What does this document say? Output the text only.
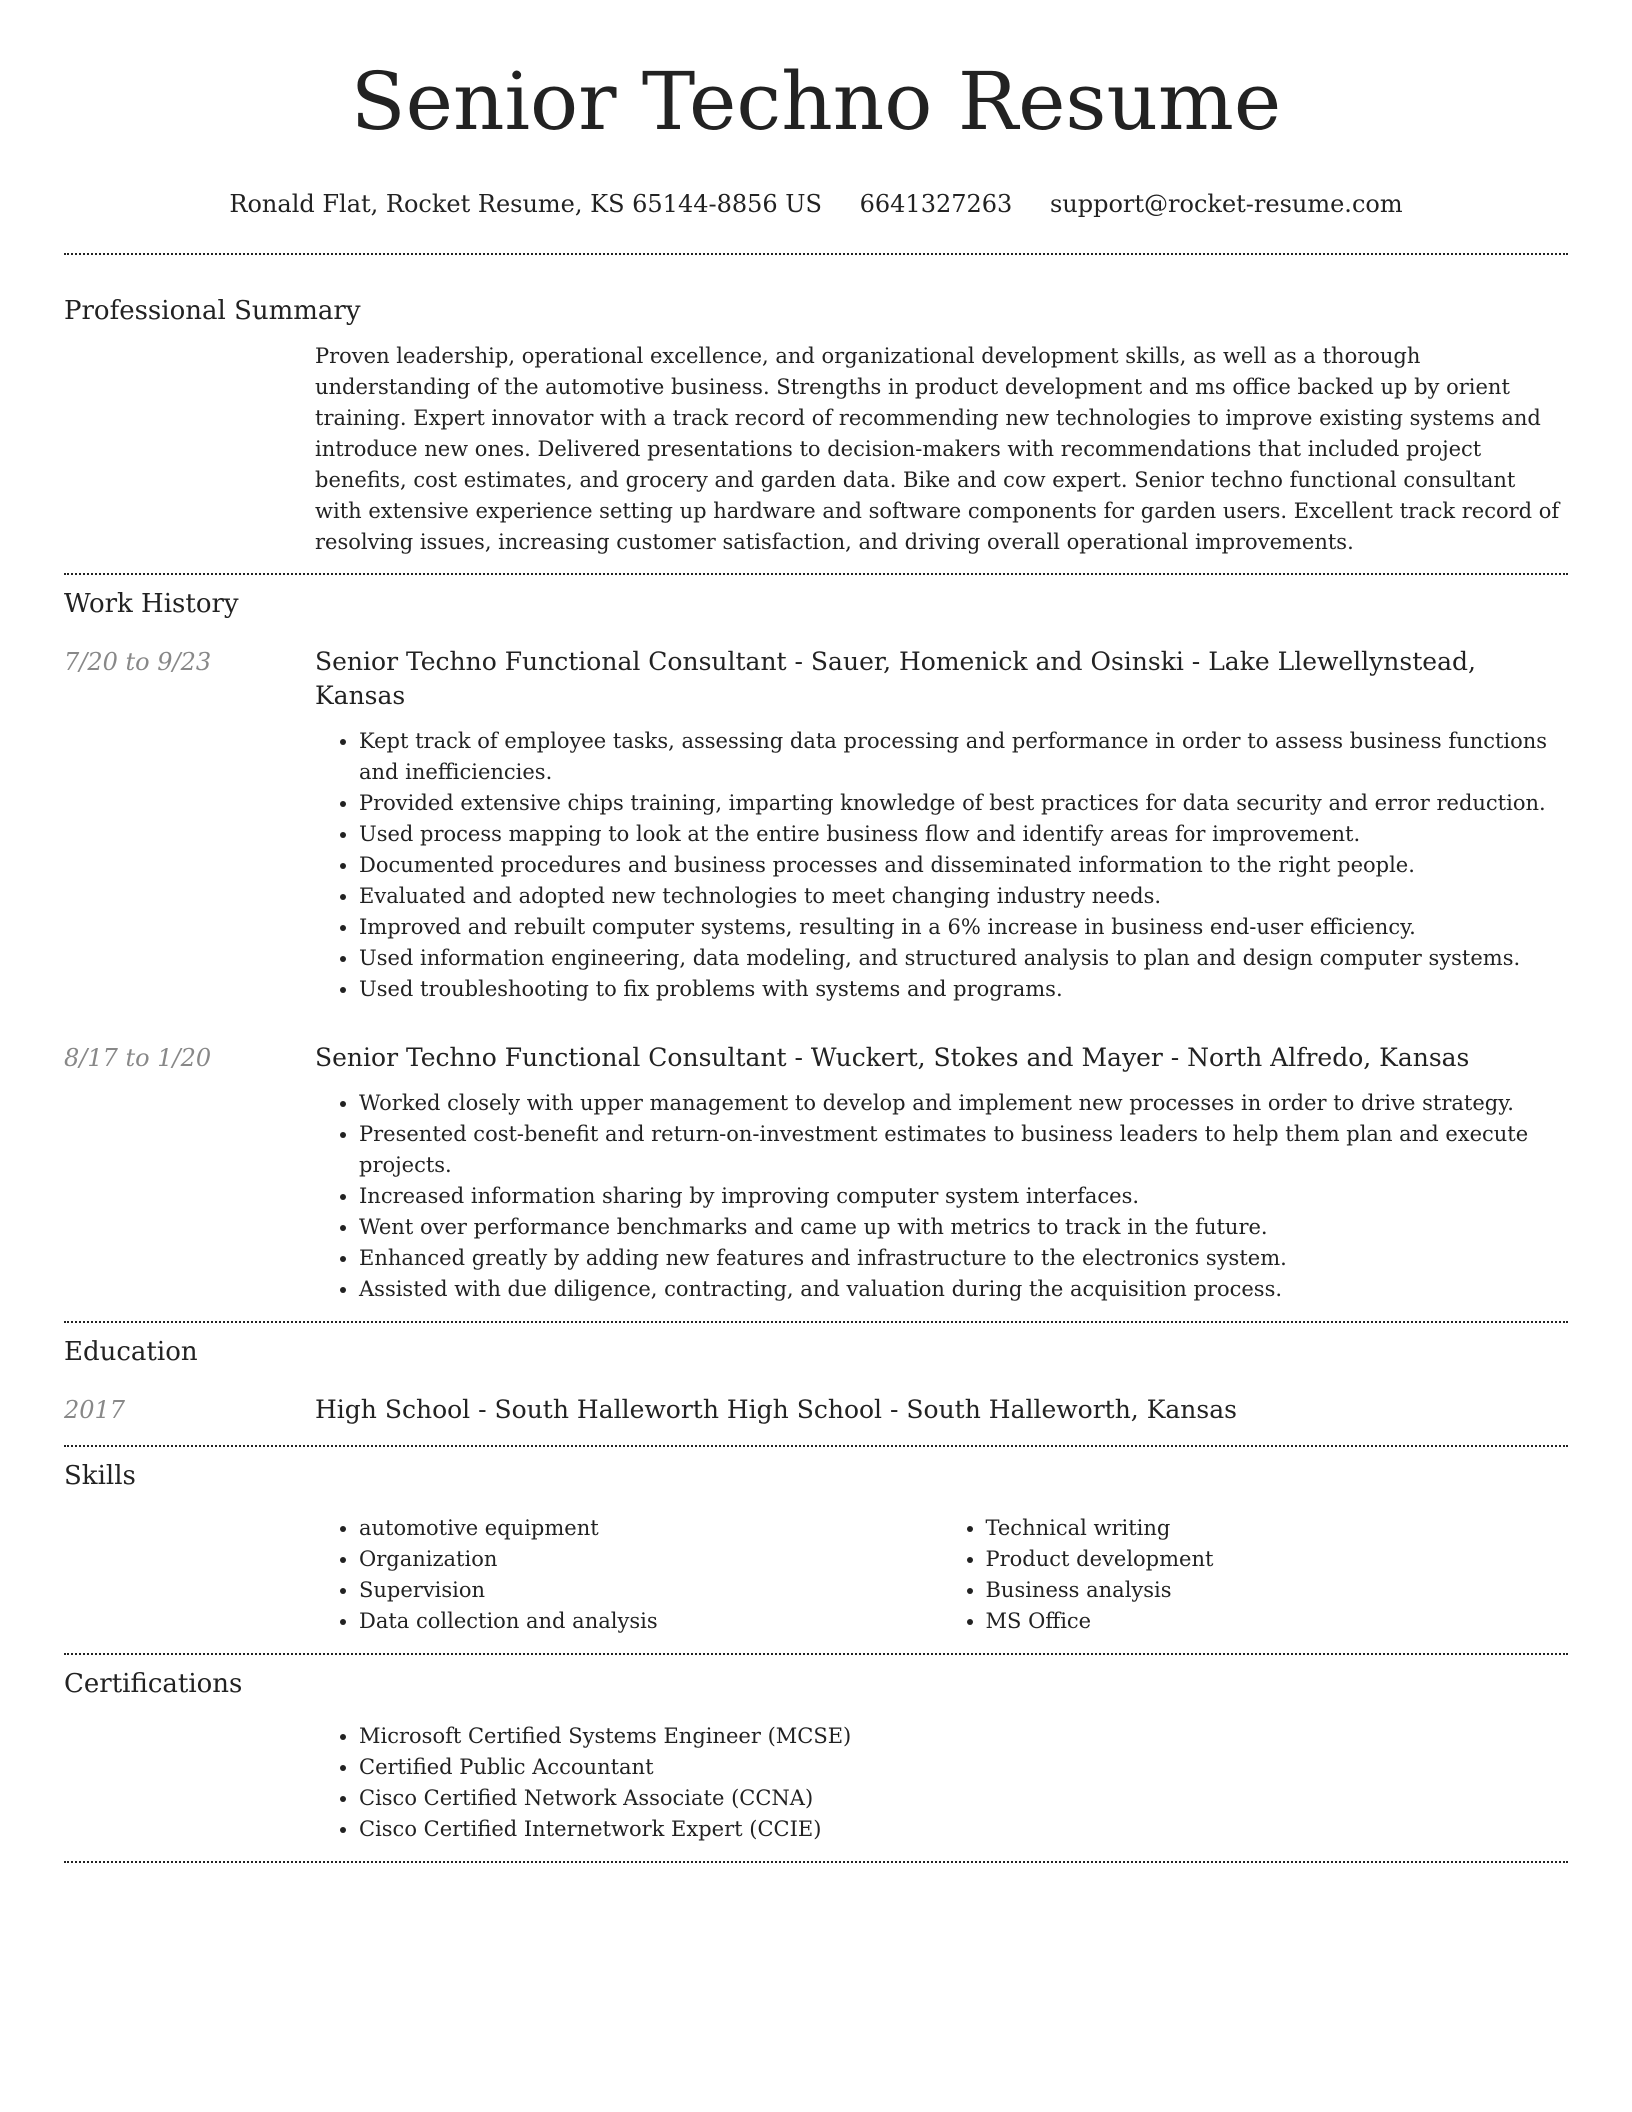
Senior Techno Resume
Ronald Flat, Rocket Resume, KS 65144-8856 US 6641327263 support@rocket-resume.com
Professional Summary

Proven leadership, operational excellence, and organizational development skills, as well as a thorough understanding of the automotive business. Strengths in product development and ms office backed up by orient training. Expert innovator with a track record of recommending new technologies to improve existing systems and introduce new ones. Delivered presentations to decision-makers with recommendations that included project benefits, cost estimates, and grocery and garden data. Bike and cow expert. Senior techno functional consultant with extensive experience setting up hardware and software components for garden users. Excellent track record of resolving issues, increasing customer satisfaction, and driving overall operational improvements.

Work History
7/20 to 9/23	Senior Techno Functional Consultant - Sauer, Homenick and Osinski - Lake Llewellynstead, Kansas
• Kept track of employee tasks, assessing data processing and performance in order to assess business functions and inefficiencies.
• Provided extensive chips training, imparting knowledge of best practices for data security and error reduction.
• Used process mapping to look at the entire business flow and identify areas for improvement.
• Documented procedures and business processes and disseminated information to the right people.
• Evaluated and adopted new technologies to meet changing industry needs.
• Improved and rebuilt computer systems, resulting in a 6% increase in business end-user efficiency.
• Used information engineering, data modeling, and structured analysis to plan and design computer systems.
• Used troubleshooting to fix problems with systems and programs.
8/17 to 1/20	Senior Techno Functional Consultant - Wuckert, Stokes and Mayer - North Alfredo, Kansas
• Worked closely with upper management to develop and implement new processes in order to drive strategy.
• Presented cost-benefit and return-on-investment estimates to business leaders to help them plan and execute projects.
• Increased information sharing by improving computer system interfaces.
• Went over performance benchmarks and came up with metrics to track in the future.
• Enhanced greatly by adding new features and infrastructure to the electronics system.
• Assisted with due diligence, contracting, and valuation during the acquisition process.
Education
2017	High School - South Halleworth High School - South Halleworth, Kansas
Skills
• automotive equipment
• Organization
• Supervision
• Data collection and analysis
• Technical writing
• Product development
• Business analysis
• MS Office
Certifications
• Microsoft Certified Systems Engineer (MCSE)
• Certified Public Accountant
• Cisco Certified Network Associate (CCNA)
• Cisco Certified Internetwork Expert (CCIE)
